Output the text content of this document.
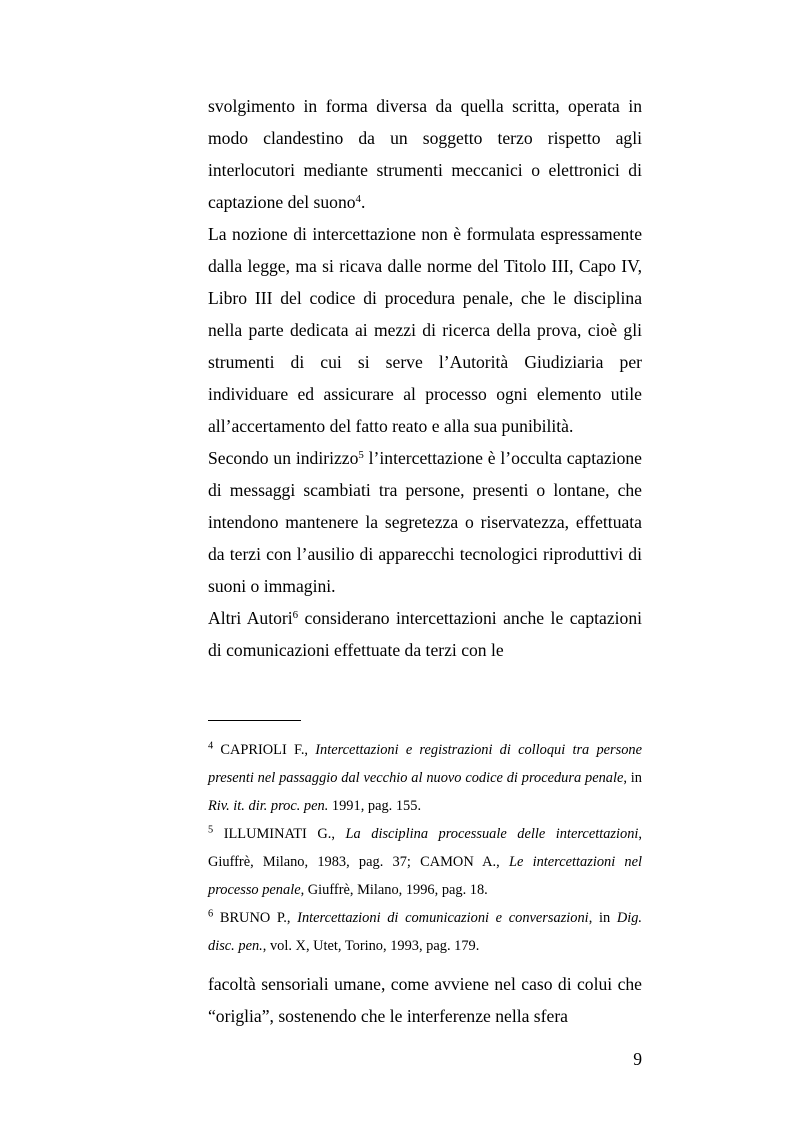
svolgimento in forma diversa da quella scritta, operata in modo clandestino da un soggetto terzo rispetto agli interlocutori mediante strumenti meccanici o elettronici di captazione del suono$^4$.

La nozione di intercettazione non è formulata espressamente dalla legge, ma si ricava dalle norme del Titolo III, Capo IV, Libro III del codice di procedura penale, che le disciplina nella parte dedicata ai mezzi di ricerca della prova, cioè gli strumenti di cui si serve l’Autorità Giudiziaria per individuare ed assicurare al processo ogni elemento utile all’accertamento del fatto reato e alla sua punibilità.

Secondo un indirizzo$^5$ l’intercettazione è l’occulta captazione di messaggi scambiati tra persone, presenti o lontane, che intendono mantenere la segretezza o riservatezza, effettuata da terzi con l’ausilio di apparecchi tecnologici riproduttivi di suoni o immagini.

Altri Autori$^6$ considerano intercettazioni anche le captazioni di comunicazioni effettuate da terzi con le

$^4$ CAPRIOLI F., Intercettazioni e registrazioni di colloqui tra persone presenti nel passaggio dal vecchio al nuovo codice di procedura penale, in Riv. it. dir. proc. pen. 1991, pag. 155.

$^5$ ILLUMINATI G., La disciplina processuale delle intercettazioni, Giuffrè, Milano, 1983, pag. 37; CAMON A., Le intercettazioni nel processo penale, Giuffrè, Milano, 1996, pag. 18.

$^6$ BRUNO P., Intercettazioni di comunicazioni e conversazioni, in Dig. disc. pen., vol. X, Utet, Torino, 1993, pag. 179.

facoltà sensoriali umane, come avviene nel caso di colui che “origlia”, sostenendo che le interferenze nella sfera

9
